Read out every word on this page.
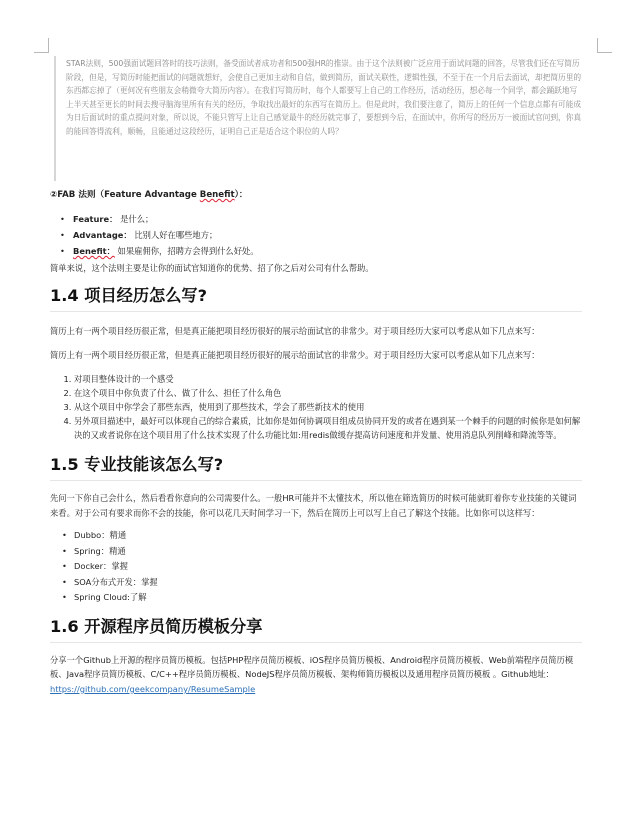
STAR法则，500强面试题回答时的技巧法则，备受面试者成功者和500强HR的推崇。由于这个法则被广泛应用于面试问题的回答，尽管我们还在写简历阶段，但是，写简历时能把面试的问题就想好，会使自己更加主动和自信，做到简历，面试关联性，逻辑性强，不至于在一个月后去面试，却把简历里的东西都忘掉了（更何况有些朋友会稍微夸大简历内容）。在我们写简历时，每个人都要写上自己的工作经历，活动经历，想必每一个同学，都会踊跃地写上半天甚至更长的时间去搜寻脑海里所有有关的经历，争取找出最好的东西写在简历上。但是此时，我们要注意了，简历上的任何一个信息点都有可能成为日后面试时的重点提问对象，所以说，不能只管写上让自己感觉最牛的经历就完事了，要想到今后，在面试中，你所写的经历万一被面试官问到，你真的能回答得流利，顺畅，且能通过这段经历，证明自己正是适合这个职位的人吗？
②FAB 法则（Feature Advantage Benefit）：
• Feature： 是什么；
• Advantage： 比别人好在哪些地方；
• Benefit： 如果雇佣你，招聘方会得到什么好处。

简单来说，这个法则主要是让你的面试官知道你的优势、招了你之后对公司有什么帮助。

1.4 项目经历怎么写?

简历上有一两个项目经历很正常，但是真正能把项目经历很好的展示给面试官的非常少。对于项目经历大家可以考虑从如下几点来写：

简历上有一两个项目经历很正常，但是真正能把项目经历很好的展示给面试官的非常少。对于项目经历大家可以考虑从如下几点来写：

1. 对项目整体设计的一个感受
2. 在这个项目中你负责了什么、做了什么、担任了什么角色
3. 从这个项目中你学会了那些东西，使用到了那些技术，学会了那些新技术的使用
4. 另外项目描述中，最好可以体现自己的综合素质，比如你是如何协调项目组成员协同开发的或者在遇到某一个棘手的问题的时候你是如何解决的又或者说你在这个项目用了什么技术实现了什么功能比如:用redis做缓存提高访问速度和并发量、使用消息队列削峰和降流等等。
1.5 专业技能该怎么写?

先问一下你自己会什么，然后看看你意向的公司需要什么。一般HR可能并不太懂技术，所以他在筛选简历的时候可能就盯着你专业技能的关键词来看。对于公司有要求而你不会的技能，你可以花几天时间学习一下，然后在简历上可以写上自己了解这个技能。比如你可以这样写：

• Dubbo：精通
• Spring：精通
• Docker：掌握
• SOA分布式开发：掌握
• Spring Cloud:了解
1.6 开源程序员简历模板分享

分享一个Github上开源的程序员简历模板。包括PHP程序员简历模板、iOS程序员简历模板、Android程序员简历模板、Web前端程序员简历模板、Java程序员简历模板、C/C++程序员简历模板、NodeJS程序员简历模板、架构师简历模板以及通用程序员简历模板 。Github地址：https://github.com/geekcompany/ResumeSample
